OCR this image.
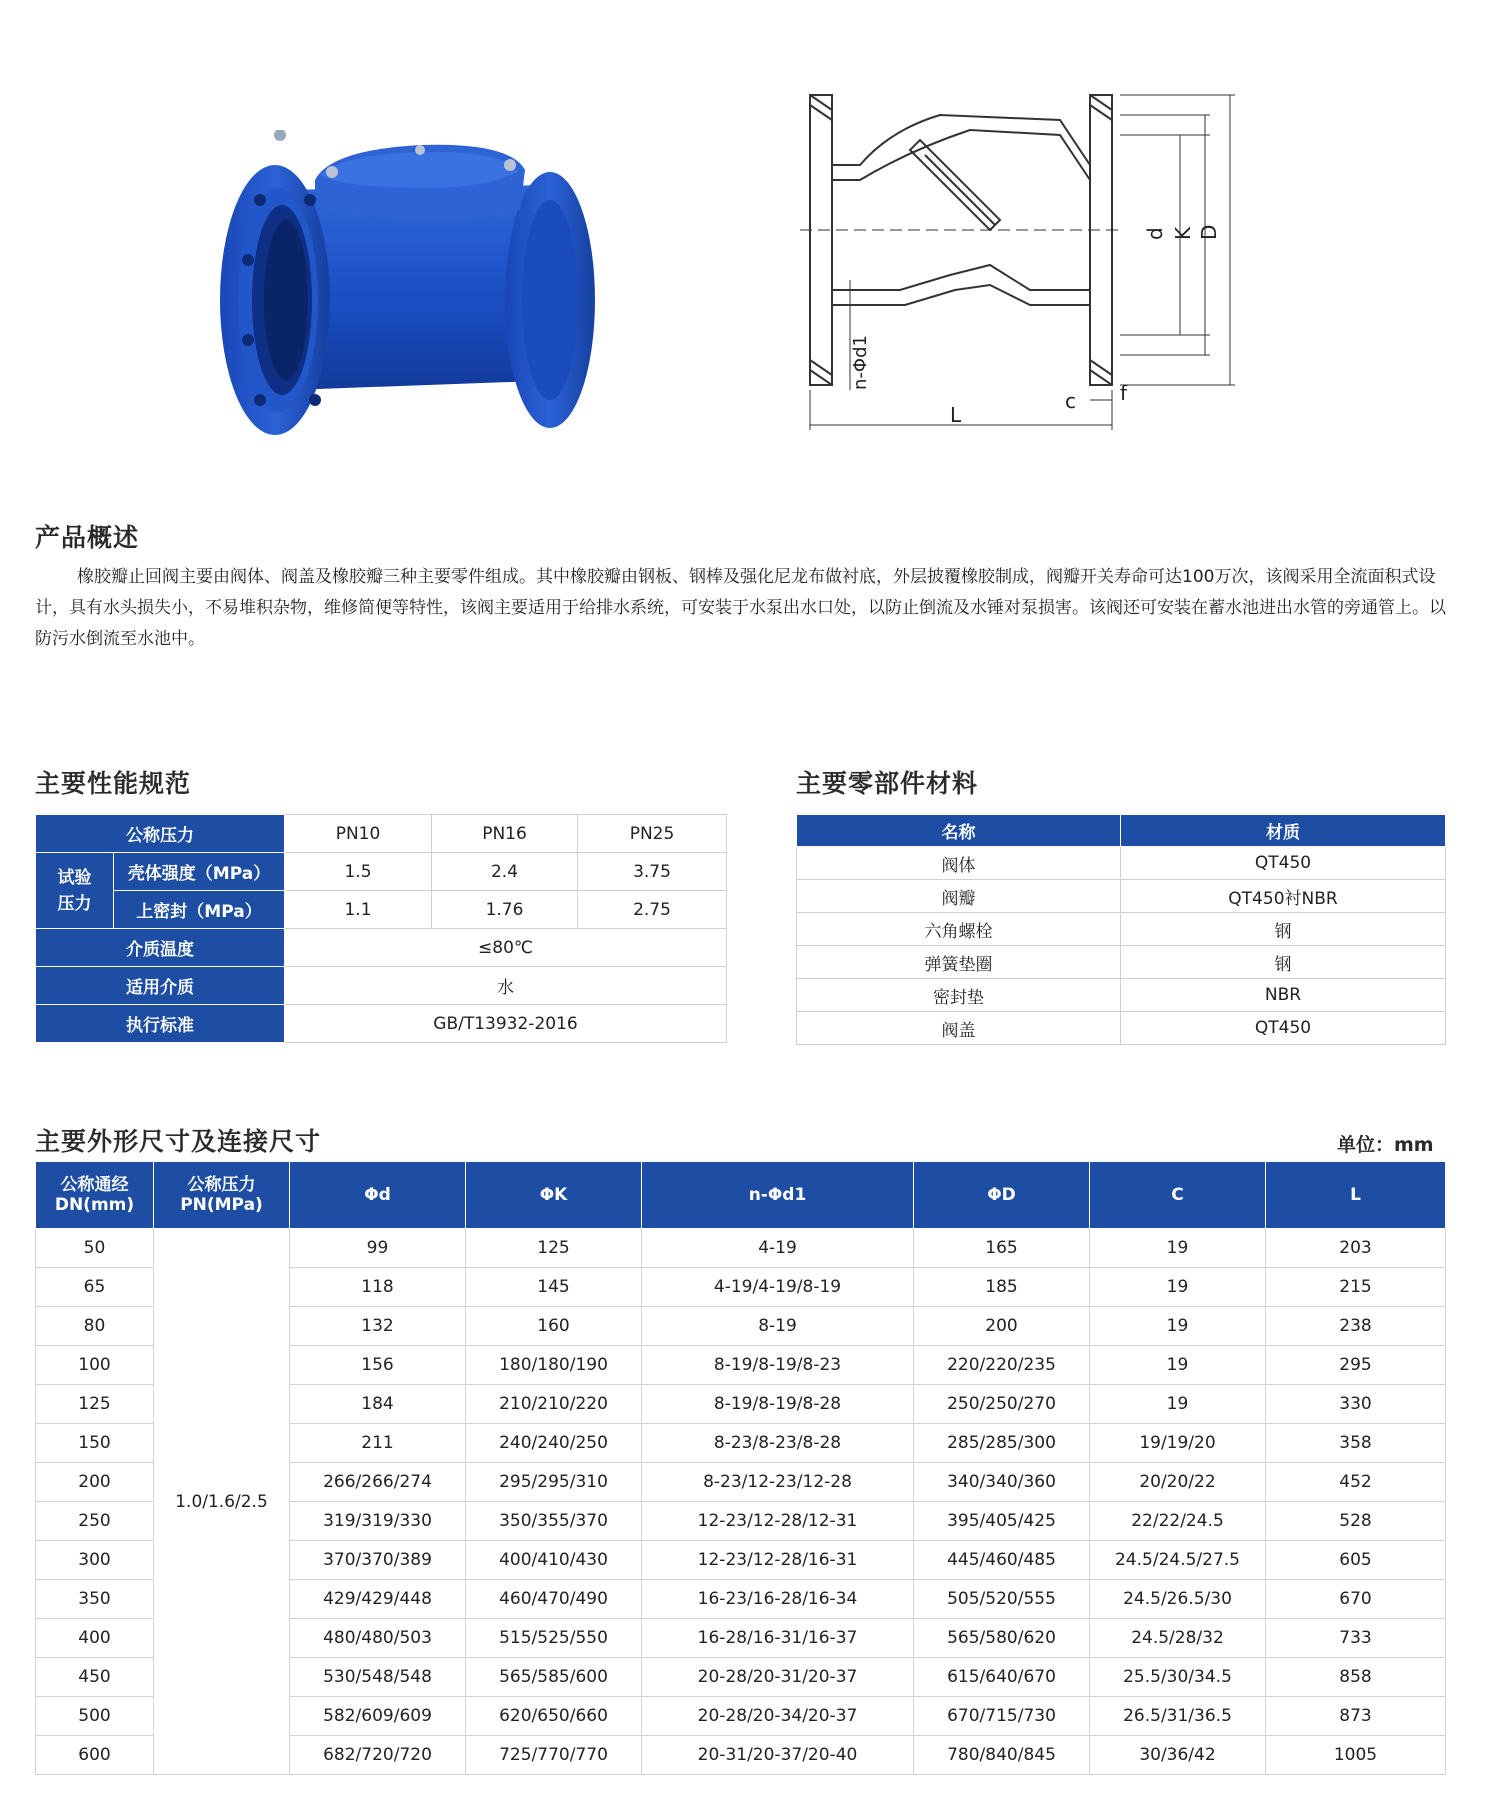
d K D
n-Φd1
L
c f
产品概述

橡胶瓣止回阀主要由阀体、阀盖及橡胶瓣三种主要零件组成。其中橡胶瓣由钢板、钢棒及强化尼龙布做衬底，外层披覆橡胶制成，阀瓣开关寿命可达100万次，该阀采用全流面积式设计，具有水头损失小，不易堆积杂物，维修简便等特性，该阀主要适用于给排水系统，可安装于水泵出水口处，以防止倒流及水锤对泵损害。该阀还可安装在蓄水池进出水管的旁通管上。以防污水倒流至水池中。

主要性能规范
公称压力		PN10	PN16	PN25
试验压力	壳体强度（MPa）	1.5	2.4	3.75
	上密封（MPa）	1.1	1.76	2.75
介质温度		≤80℃		
适用介质		水		
执行标准		GB/T13932-2016		
主要零部件材料
名称	材质
阀体	QT450
阀瓣	QT450衬NBR
六角螺栓	钢
弹簧垫圈	钢
密封垫	NBR
阀盖	QT450
主要外形尺寸及连接尺寸	单位：mm
公称通经DN(mm)	公称压力PN(MPa)	Φd	ΦK	n-Φd1	ΦD	C	L
50	1.0/1.6/2.5	99	125	4-19	165	19	203
65		118	145	4-19/4-19/8-19	185	19	215
80		132	160	8-19	200	19	238
100		156	180/180/190	8-19/8-19/8-23	220/220/235	19	295
125		184	210/210/220	8-19/8-19/8-28	250/250/270	19	330
150		211	240/240/250	8-23/8-23/8-28	285/285/300	19/19/20	358
200		266/266/274	295/295/310	8-23/12-23/12-28	340/340/360	20/20/22	452
250		319/319/330	350/355/370	12-23/12-28/12-31	395/405/425	22/22/24.5	528
300		370/370/389	400/410/430	12-23/12-28/16-31	445/460/485	24.5/24.5/27.5	605
350		429/429/448	460/470/490	16-23/16-28/16-34	505/520/555	24.5/26.5/30	670
400		480/480/503	515/525/550	16-28/16-31/16-37	565/580/620	24.5/28/32	733
450		530/548/548	565/585/600	20-28/20-31/20-37	615/640/670	25.5/30/34.5	858
500		582/609/609	620/650/660	20-28/20-34/20-37	670/715/730	26.5/31/36.5	873
600		682/720/720	725/770/770	20-31/20-37/20-40	780/840/845	30/36/42	1005
